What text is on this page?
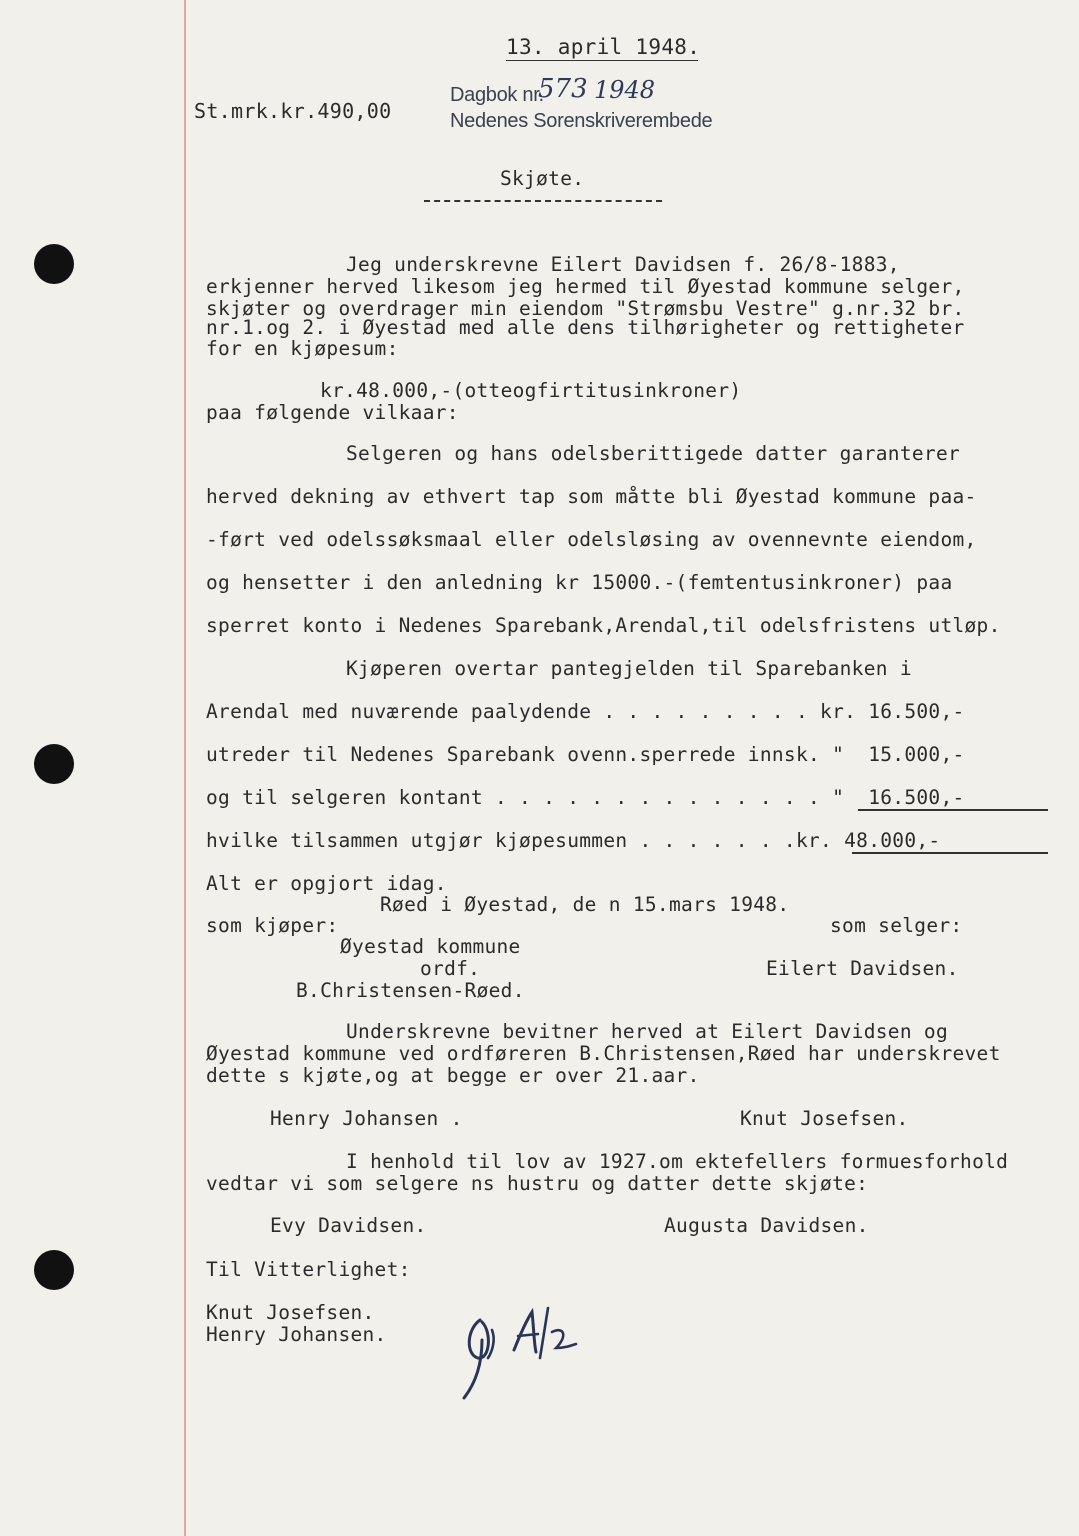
13. april 1948.
St.mrk.kr.490,00
Dagbok nr.
573 1948
Nedenes Sorenskriverembede
Skjøte.
Jeg underskrevne Eilert Davidsen f. 26/8-1883,
erkjenner herved likesom jeg hermed til Øyestad kommune selger,
skjøter og overdrager min eiendom "Strømsbu Vestre" g.nr.32 br.
nr.1.og 2. i Øyestad med alle dens tilhørigheter og rettigheter
for en kjøpesum:
kr.48.000,-(otteogfirtitusinkroner)
paa følgende vilkaar:
Selgeren og hans odelsberittigede datter garanterer
herved dekning av ethvert tap som måtte bli Øyestad kommune paa-
-ført ved odelssøksmaal eller odelsløsing av ovennevnte eiendom,
og hensetter i den anledning kr 15000.-(femtentusinkroner) paa
sperret konto i Nedenes Sparebank,Arendal,til odelsfristens utløp.
Kjøperen overtar pantegjelden til Sparebanken i
Arendal med nuværende paalydende . . . . . . . . . kr. 16.500,-
utreder til Nedenes Sparebank ovenn.sperrede innsk. "  15.000,-
og til selgeren kontant . . . . . . . . . . . . . . "  16.500,-
hvilke tilsammen utgjør kjøpesummen . . . . . . .kr. 48.000,-
Alt er opgjort idag.
Røed i Øyestad, de n 15.mars 1948.
som kjøper:	som selger:
Øyestad kommune
ordf.	Eilert Davidsen.
B.Christensen-Røed.
Underskrevne bevitner herved at Eilert Davidsen og
Øyestad kommune ved ordføreren B.Christensen,Røed har underskrevet
dette s kjøte,og at begge er over 21.aar.
Henry Johansen .	Knut Josefsen.
I henhold til lov av 1927.om ektefellers formuesforhold
vedtar vi som selgere ns hustru og datter dette skjøte:
Evy Davidsen.	Augusta Davidsen.
Til Vitterlighet:
Knut Josefsen.
Henry Johansen.
